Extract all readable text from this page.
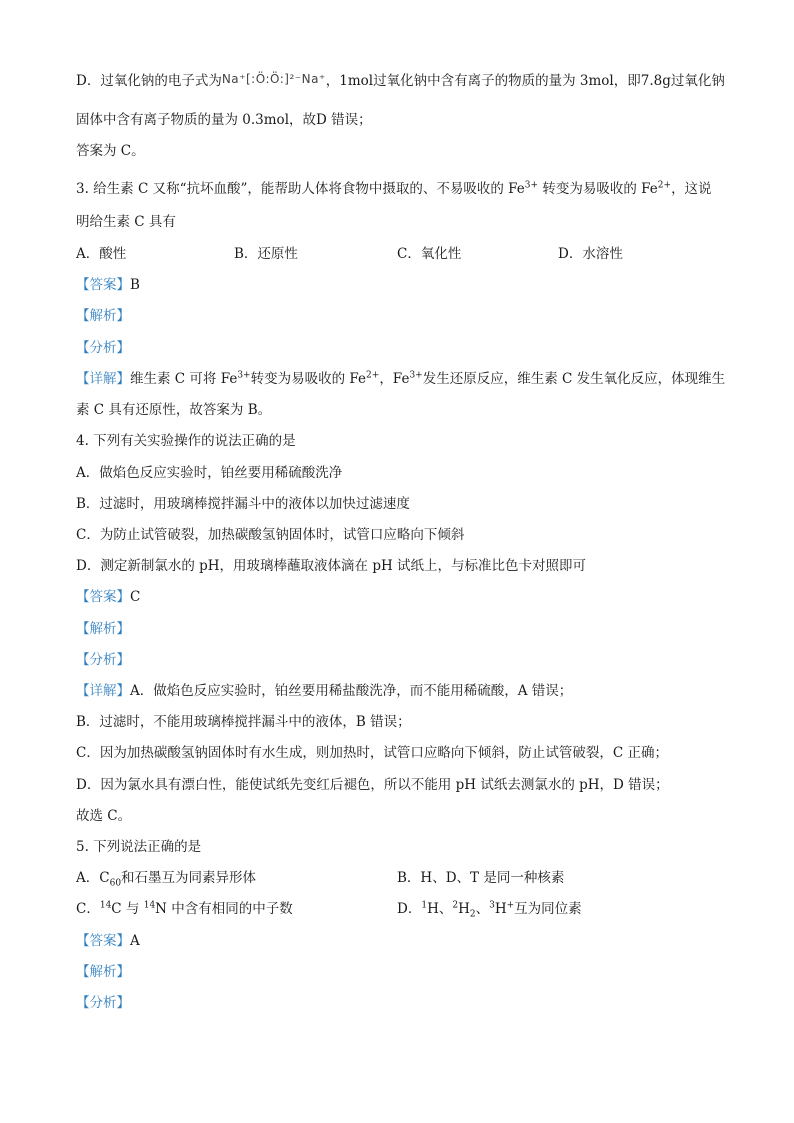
D．过氧化钠的电子式为Na⁺[:Ö:Ö:]²⁻Na⁺，1mol过氧化钠中含有离子的物质的量为 3mol，即7.8g过氧化钠
固体中含有离子物质的量为 0.3mol，故D 错误；
答案为 C。
3. 给生素 C 又称“抗坏血酸”，能帮助人体将食物中摄取的、不易吸收的 $Fe^{3+}$ 转变为易吸收的 $Fe^{2+}$，这说
明给生素 C 具有
A．酸性	B．还原性	C．氧化性	D．水溶性
【答案】B
【解析】
【分析】
【详解】维生素 C 可将 $Fe^{3+}$转变为易吸收的 $Fe^{2+}$，$Fe^{3+}$发生还原反应，维生素 C 发生氧化反应，体现维生
素 C 具有还原性，故答案为 B。
4. 下列有关实验操作的说法正确的是
A．做焰色反应实验时，铂丝要用稀硫酸洗净
B．过滤时，用玻璃棒搅拌漏斗中的液体以加快过滤速度
C．为防止试管破裂，加热碳酸氢钠固体时，试管口应略向下倾斜
D．测定新制氯水的 pH，用玻璃棒蘸取液体滴在 pH 试纸上，与标准比色卡对照即可
【答案】C
【解析】
【分析】
【详解】A．做焰色反应实验时，铂丝要用稀盐酸洗净，而不能用稀硫酸，A 错误；
B．过滤时，不能用玻璃棒搅拌漏斗中的液体，B 错误；
C．因为加热碳酸氢钠固体时有水生成，则加热时，试管口应略向下倾斜，防止试管破裂，C 正确；
D．因为氯水具有漂白性，能使试纸先变红后褪色，所以不能用 pH 试纸去测氯水的 pH，D 错误；
故选 C。
5. 下列说法正确的是
A．$C_{60}$和石墨互为同素异形体	B．H、D、T 是同一种核素
C．$^{14}$C 与 $^{14}$N 中含有相同的中子数	D．$^1$H、$^2H_2$、$^3$H+互为同位素
【答案】A
【解析】
【分析】
